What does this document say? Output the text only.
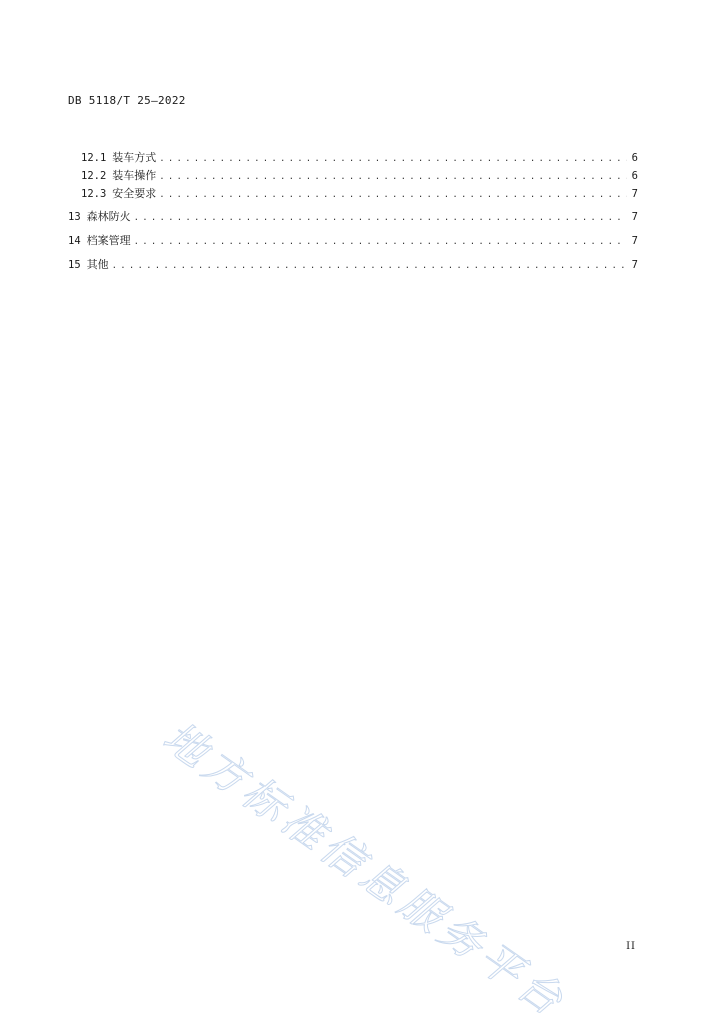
DB 5118/T 25—2022
12.1 装车方式 .....	6
12.2 装车操作 .....	6
12.3 安全要求 .....	7
13 森林防火 .....	7
14 档案管理 .....	7
15 其他 .....	7
地方标准信息服务平台	II
